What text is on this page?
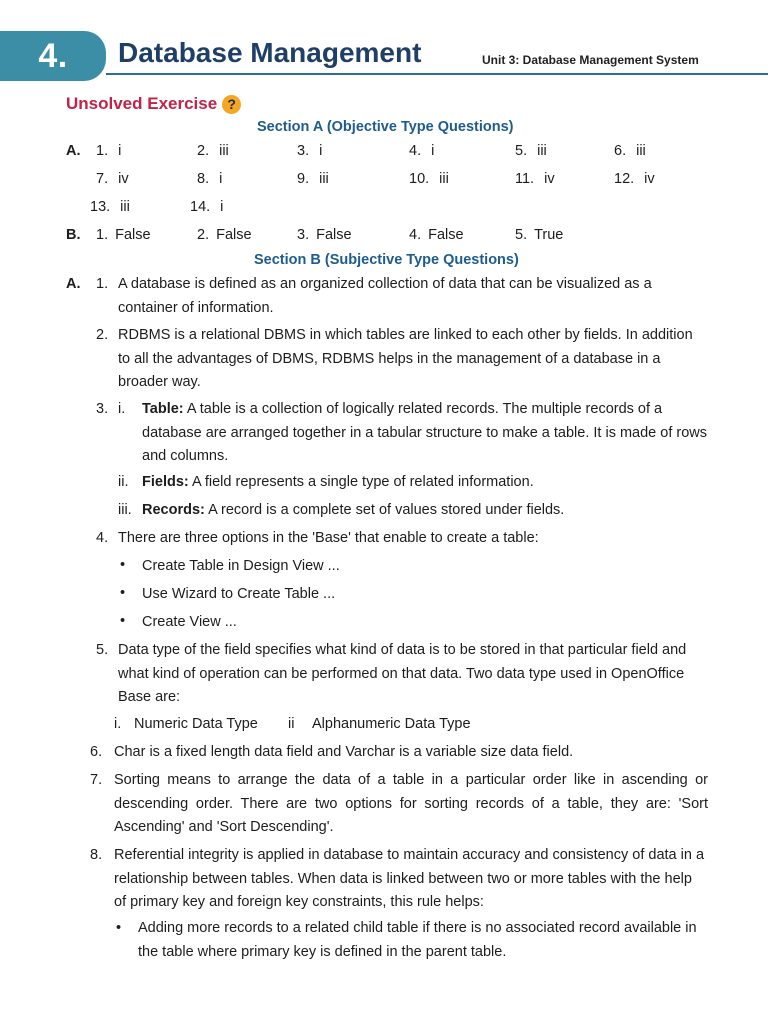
4.	Database Management	Unit 3: Database Management System
Unsolved Exercise ?
Section A (Objective Type Questions)
A. 1. i	2. iii	3. i	4. i	5. iii	6. iii
7. iv	8. i	9. iii	10. iii	11. iv	12. iv
13. iii	14. i
B. 1. False	2. False	3. False	4. False	5. True
Section B (Subjective Type Questions)
A. 1. A database is defined as an organized collection of data that can be visualized as a container of information.
2. RDBMS is a relational DBMS in which tables are linked to each other by fields. In addition to all the advantages of DBMS, RDBMS helps in the management of a database in a broader way.
3. i. Table: A table is a collection of logically related records. The multiple records of a database are arranged together in a tabular structure to make a table. It is made of rows and columns.
ii. Fields: A field represents a single type of related information.
iii. Records: A record is a complete set of values stored under fields.
4. There are three options in the 'Base' that enable to create a table:
• Create Table in Design View ...
• Use Wizard to Create Table ...
• Create View ...
5. Data type of the field specifies what kind of data is to be stored in that particular field and what kind of operation can be performed on that data. Two data type used in OpenOffice Base are:
i. Numeric Data Type ii Alphanumeric Data Type
6. Char is a fixed length data field and Varchar is a variable size data field.
7. Sorting means to arrange the data of a table in a particular order like in ascending or descending order. There are two options for sorting records of a table, they are: 'Sort Ascending' and 'Sort Descending'.
8. Referential integrity is applied in database to maintain accuracy and consistency of data in a relationship between tables. When data is linked between two or more tables with the help of primary key and foreign key constraints, this rule helps:
• Adding more records to a related child table if there is no associated record available in the table where primary key is defined in the parent table.
